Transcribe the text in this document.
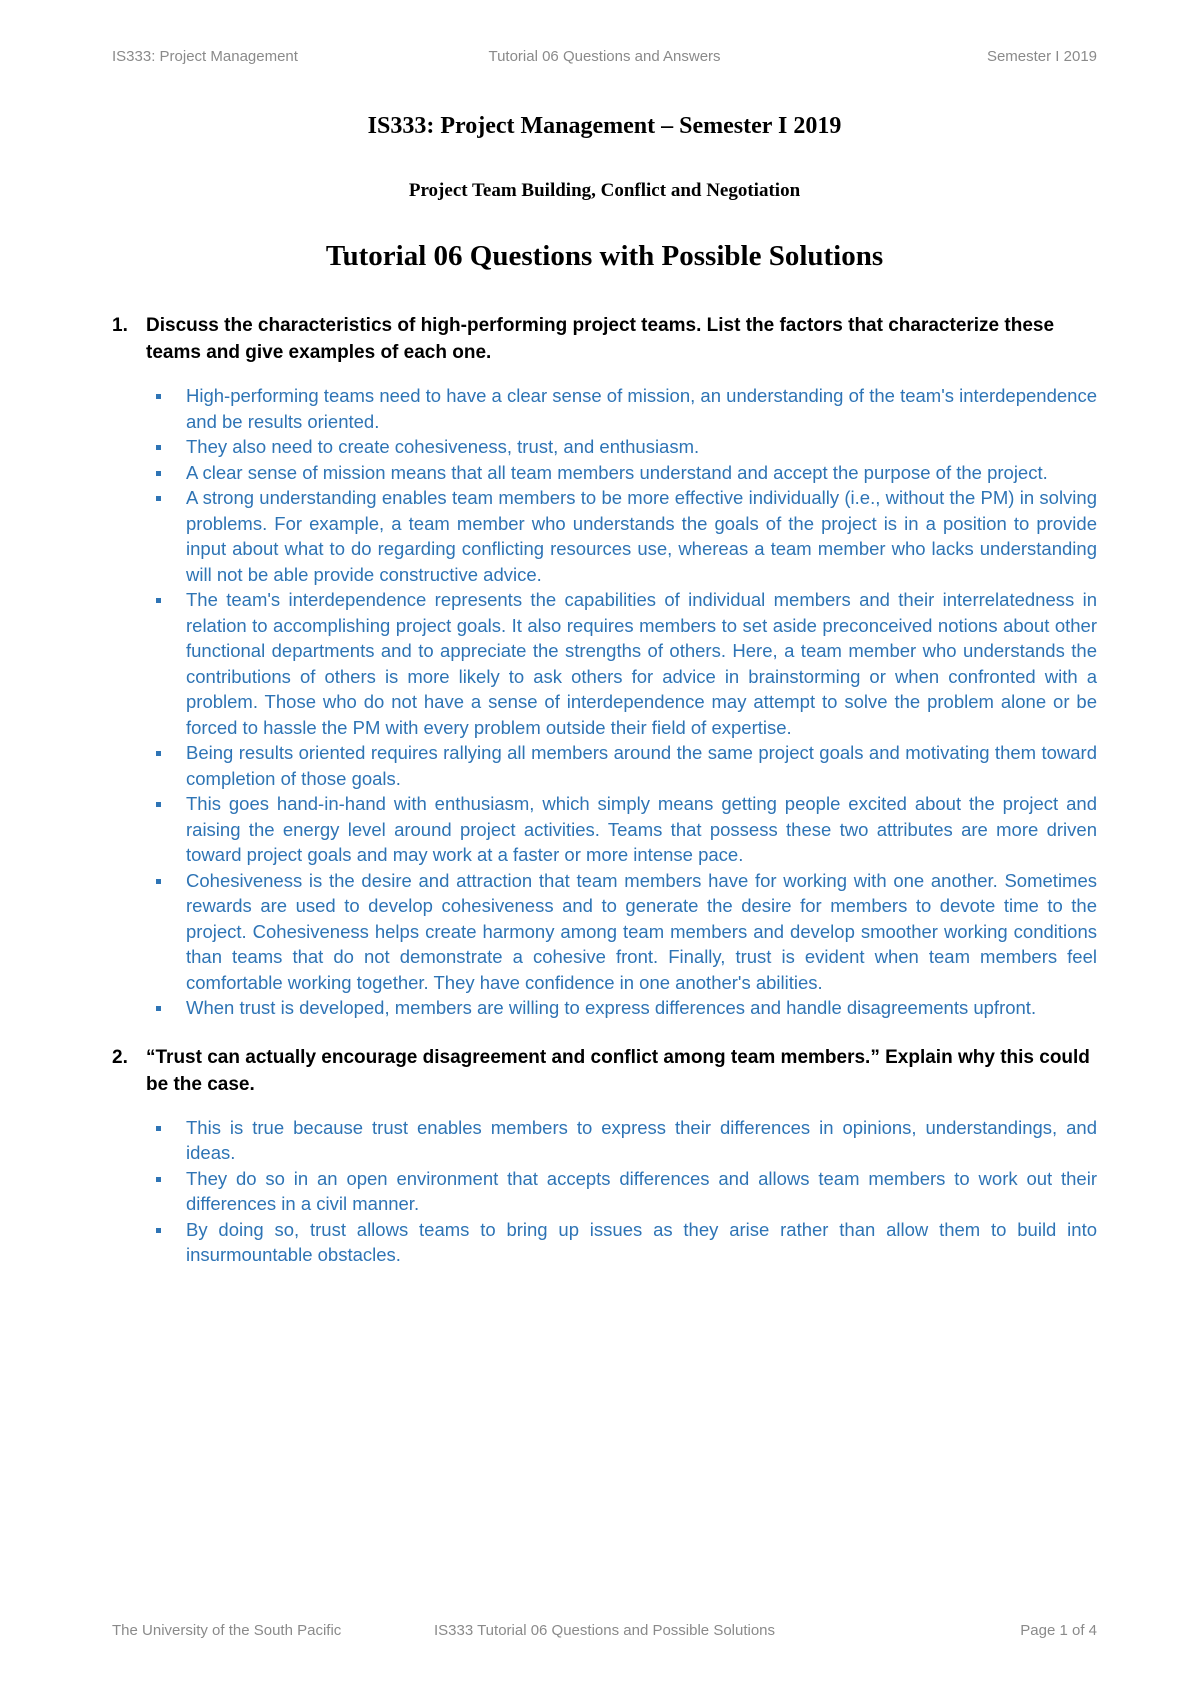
IS333: Project Management	Tutorial 06 Questions and Answers	Semester I 2019
IS333: Project Management – Semester I 2019
Project Team Building, Conflict and Negotiation
Tutorial 06 Questions with Possible Solutions
1. Discuss the characteristics of high-performing project teams. List the factors that characterize these teams and give examples of each one.
High-performing teams need to have a clear sense of mission, an understanding of the team's interdependence and be results oriented.
They also need to create cohesiveness, trust, and enthusiasm.
A clear sense of mission means that all team members understand and accept the purpose of the project.
A strong understanding enables team members to be more effective individually (i.e., without the PM) in solving problems. For example, a team member who understands the goals of the project is in a position to provide input about what to do regarding conflicting resources use, whereas a team member who lacks understanding will not be able provide constructive advice.
The team's interdependence represents the capabilities of individual members and their interrelatedness in relation to accomplishing project goals. It also requires members to set aside preconceived notions about other functional departments and to appreciate the strengths of others. Here, a team member who understands the contributions of others is more likely to ask others for advice in brainstorming or when confronted with a problem. Those who do not have a sense of interdependence may attempt to solve the problem alone or be forced to hassle the PM with every problem outside their field of expertise.
Being results oriented requires rallying all members around the same project goals and motivating them toward completion of those goals.
This goes hand-in-hand with enthusiasm, which simply means getting people excited about the project and raising the energy level around project activities. Teams that possess these two attributes are more driven toward project goals and may work at a faster or more intense pace.
Cohesiveness is the desire and attraction that team members have for working with one another. Sometimes rewards are used to develop cohesiveness and to generate the desire for members to devote time to the project. Cohesiveness helps create harmony among team members and develop smoother working conditions than teams that do not demonstrate a cohesive front. Finally, trust is evident when team members feel comfortable working together. They have confidence in one another's abilities.
When trust is developed, members are willing to express differences and handle disagreements upfront.
2. “Trust can actually encourage disagreement and conflict among team members.” Explain why this could be the case.
This is true because trust enables members to express their differences in opinions, understandings, and ideas.
They do so in an open environment that accepts differences and allows team members to work out their differences in a civil manner.
By doing so, trust allows teams to bring up issues as they arise rather than allow them to build into insurmountable obstacles.
The University of the South Pacific	IS333 Tutorial 06 Questions and Possible Solutions	Page 1 of 4
